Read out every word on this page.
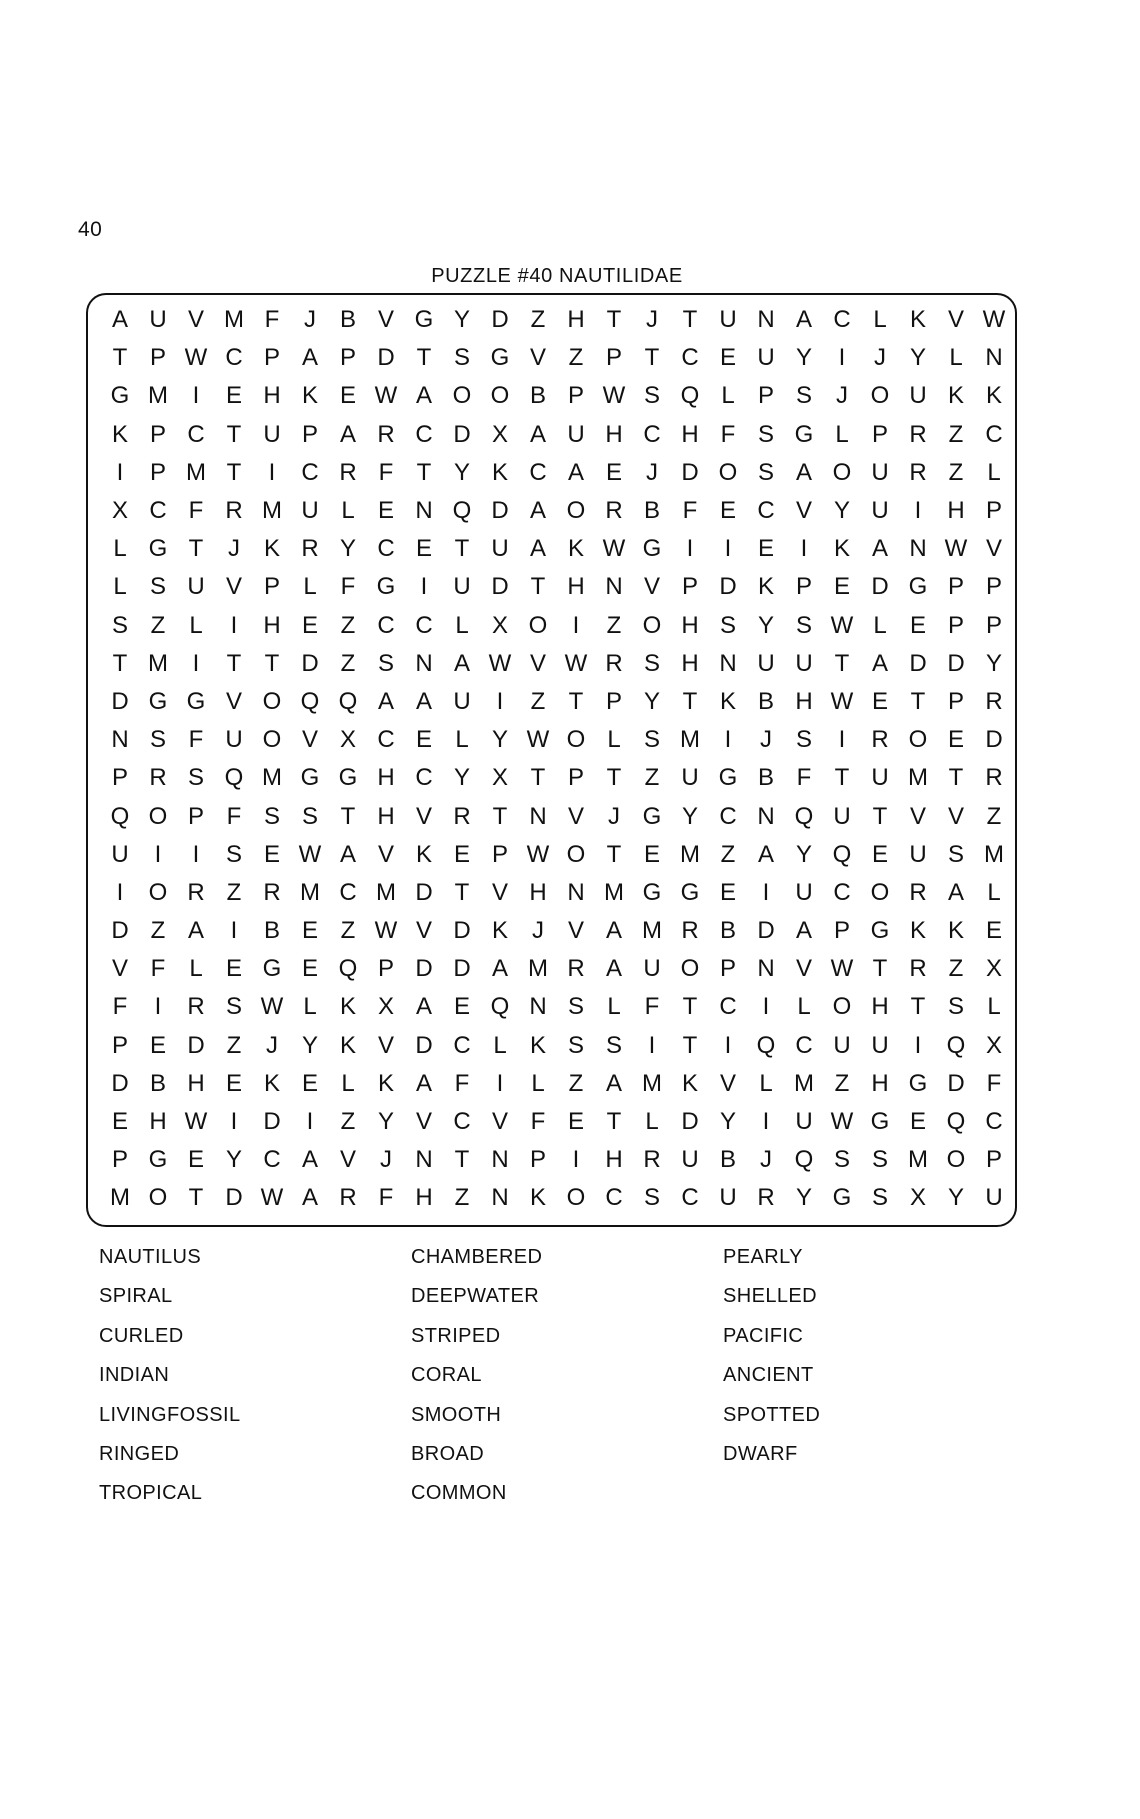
40
PUZZLE #40 NAUTILIDAE
A U V M F	J B V G Y D Z H T	J	T U N A C L K V W
T P W C P A P D T S G V Z P T C E U Y	I	J Y L N
G M	I	E H K E W A O O B P W S Q L P S	J O U K K
K P C T U P A R C D X A U H C H F S G L P R Z C
I	P M T	I	C R F T Y K C A E	J D O S A O U R Z L
X C F R M U L E N Q D A O R B F E C V Y U	I	H P
L G T	J K R Y C E T U A K W G	I	I	E	I	K A N W V
L S U V P L F G	I	U D T H N V P D K P E D G P P
S Z L	I	H E Z C C L X O	I	Z O H S Y S W L E P P
T M	I	T T D Z S N A W V W R S H N U U T A D D Y
D G G V O Q Q A A U	I	Z T P Y T K B H W E T P R
N S F U O V X C E L Y W O L S M	I	J S	I	R O E D
P R S Q M G G H C Y X T P T Z U G B F T U M T R
Q O P F S S T H V R T N V	J G Y C N Q U T V V Z
U	I	I	S E W A V K E P W O T E M Z A Y Q E U S M
I	O R Z R M C M D T V H N M G G E	I	U C O R A L
D Z A	I	B E Z W V D K	J V A M R B D A P G K K E
V F L E G E Q P D D A M R A U O P N V W T R Z X
F	I	R S W L K X A E Q N S L F T C	I	L O H T S L
P E D Z	J Y K V D C L K S S	I	T	I	Q C U U	I	Q X
D B H E K E L K A F	I	L Z A M K V L M Z H G D F
E H W I	D	I	Z Y V C V F E T L D Y	I	U W G E Q C
P G E Y C A V	J N T N P	I	H R U B	J Q S S M O P
M O T D W A R F H Z N K O C S C U R Y G S X Y U
NAUTILUS
SPIRAL
CURLED
INDIAN
LIVINGFOSSIL
RINGED
TROPICAL
CHAMBERED
DEEPWATER
STRIPED
CORAL
SMOOTH
BROAD
COMMON
PEARLY
SHELLED
PACIFIC
ANCIENT
SPOTTED
DWARF
